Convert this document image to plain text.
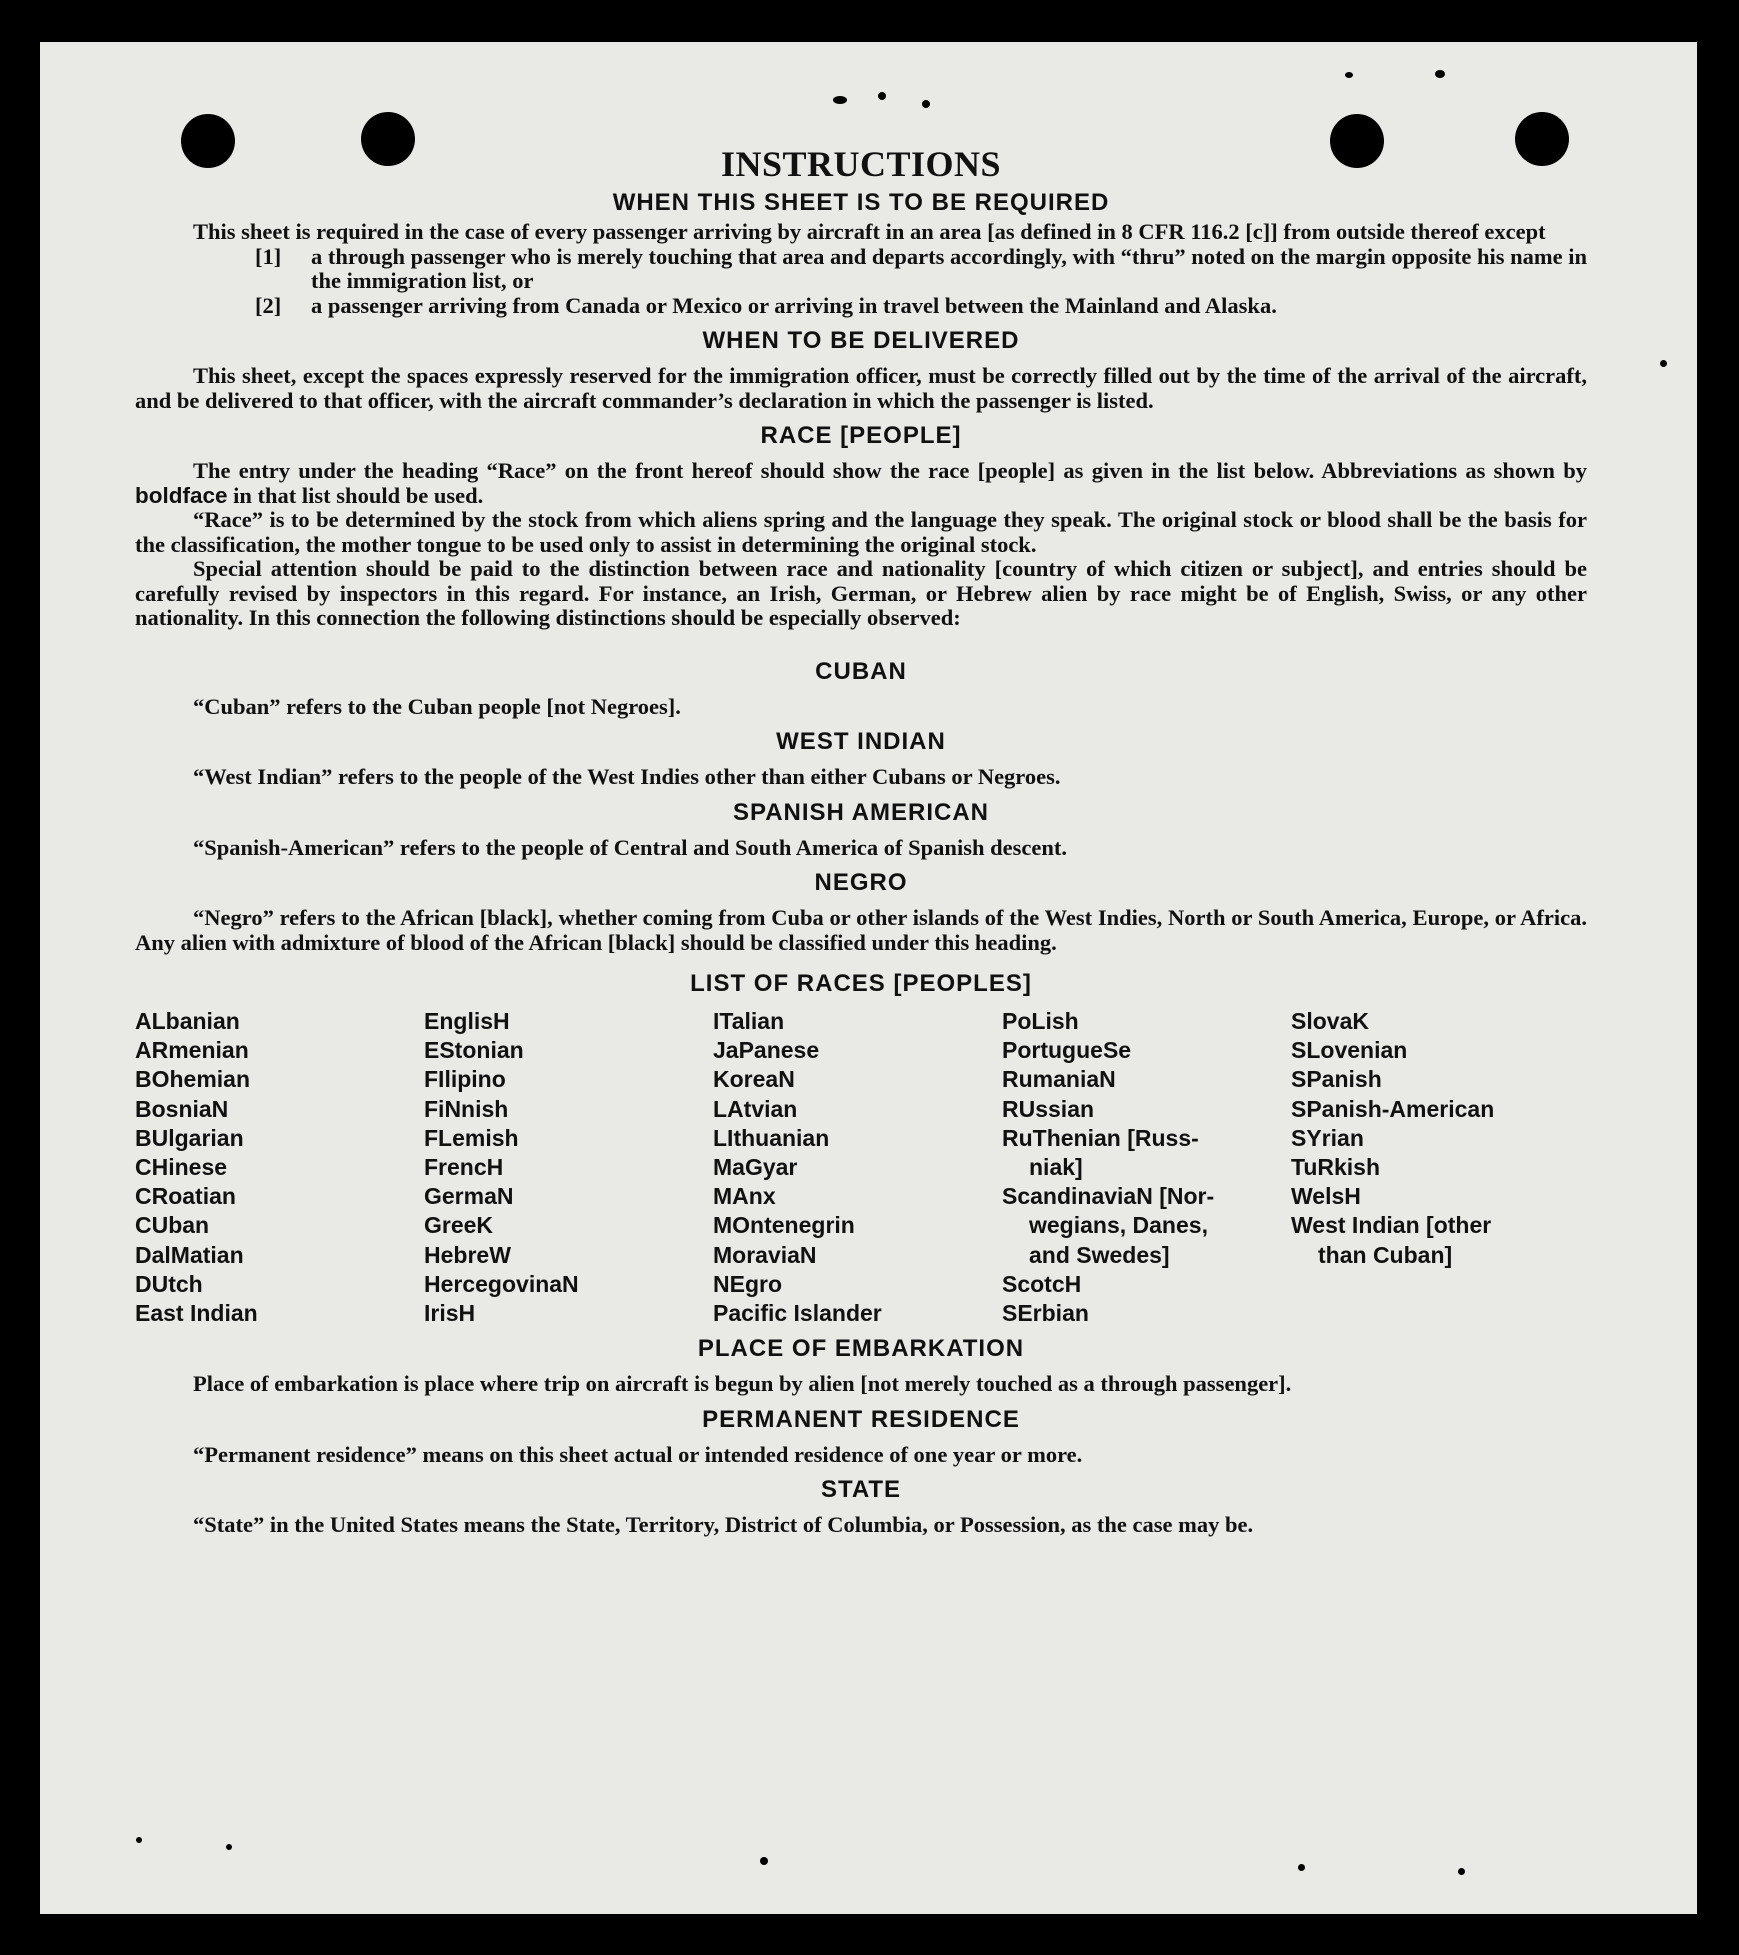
INSTRUCTIONS
WHEN THIS SHEET IS TO BE REQUIRED

This sheet is required in the case of every passenger arriving by aircraft in an area [as defined in 8 CFR 116.2 [c]] from outside thereof except

[1]	a through passenger who is merely touching that area and departs accordingly, with “thru” noted on the margin opposite his name in the immigration list, or

[2]	a passenger arriving from Canada or Mexico or arriving in travel between the Mainland and Alaska.

WHEN TO BE DELIVERED

This sheet, except the spaces expressly reserved for the immigration officer, must be correctly filled out by the time of the arrival of the aircraft, and be delivered to that officer, with the aircraft commander’s declaration in which the passenger is listed.

RACE [PEOPLE]

The entry under the heading “Race” on the front hereof should show the race [people] as given in the list below. Abbreviations as shown by boldface in that list should be used.

“Race” is to be determined by the stock from which aliens spring and the language they speak. The original stock or blood shall be the basis for the classification, the mother tongue to be used only to assist in determining the original stock.

Special attention should be paid to the distinction between race and nationality [country of which citizen or subject], and entries should be carefully revised by inspectors in this regard. For instance, an Irish, German, or Hebrew alien by race might be of English, Swiss, or any other nationality. In this connection the following distinctions should be especially observed:

CUBAN

“Cuban” refers to the Cuban people [not Negroes].

WEST INDIAN

“West Indian” refers to the people of the West Indies other than either Cubans or Negroes.

SPANISH AMERICAN

“Spanish-American” refers to the people of Central and South America of Spanish descent.

NEGRO

“Negro” refers to the African [black], whether coming from Cuba or other islands of the West Indies, North or South America, Europe, or Africa. Any alien with admixture of blood of the African [black] should be classified under this heading.

LIST OF RACES [PEOPLES]
ALbanian
ARmenian
BOhemian
BosniaN
BUlgarian
CHinese
CRoatian
CUban
DalMatian
DUtch
East Indian
EnglisH
EStonian
FIlipino
FiNnish
FLemish
FrencH
GermaN
GreeK
HebreW
HercegovinaN
IrisH
ITalian
JaPanese
KoreaN
LAtvian
LIthuanian
MaGyar
MAnx
MOntenegrin
MoraviaN
NEgro
Pacific Islander
PoLish
PortugueSe
RumaniaN
RUssian
RuThenian [Russ-
niak]
ScandinaviaN [Nor-
wegians, Danes,
and Swedes]
ScotcH
SErbian
SlovaK
SLovenian
SPanish
SPanish-American
SYrian
TuRkish
WelsH
West Indian [other
than Cuban]
PLACE OF EMBARKATION

Place of embarkation is place where trip on aircraft is begun by alien [not merely touched as a through passenger].

PERMANENT RESIDENCE

“Permanent residence” means on this sheet actual or intended residence of one year or more.

STATE

“State” in the United States means the State, Territory, District of Columbia, or Possession, as the case may be.
